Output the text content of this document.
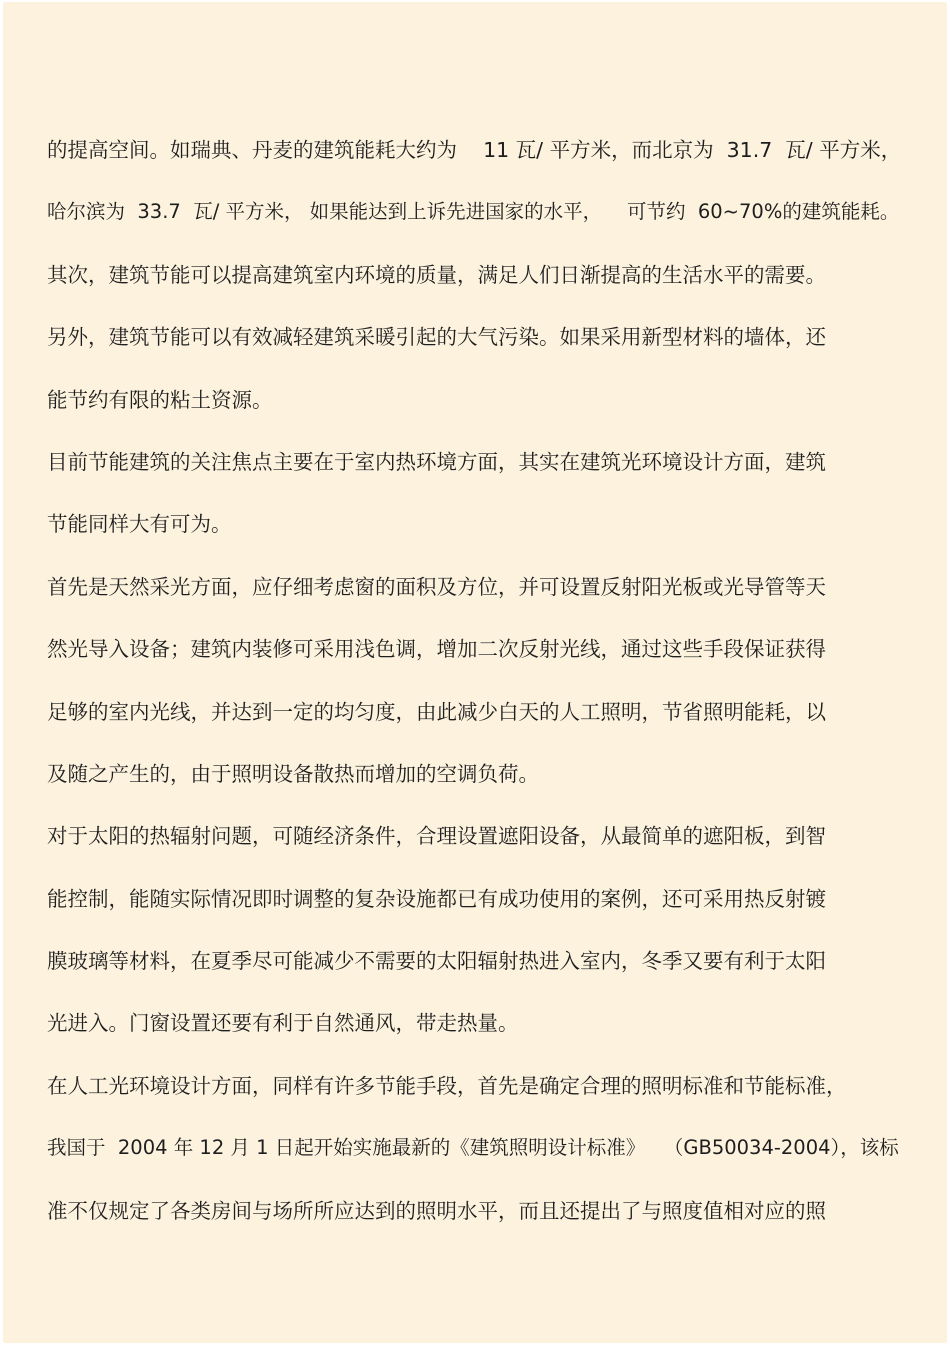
的提高空间。如瑞典、丹麦的建筑能耗大约为    11 瓦/ 平方米，而北京为  31.7  瓦/ 平方米，
哈尔滨为  33.7  瓦/ 平方米， 如果能达到上诉先进国家的水平，    可节约  60~70%的建筑能耗。
其次，建筑节能可以提高建筑室内环境的质量，满足人们日渐提高的生活水平的需要。
另外，建筑节能可以有效减轻建筑采暖引起的大气污染。如果采用新型材料的墙体，还
能节约有限的粘土资源。
目前节能建筑的关注焦点主要在于室内热环境方面，其实在建筑光环境设计方面，建筑
节能同样大有可为。
首先是天然采光方面，应仔细考虑窗的面积及方位，并可设置反射阳光板或光导管等天
然光导入设备；建筑内装修可采用浅色调，增加二次反射光线，通过这些手段保证获得
足够的室内光线，并达到一定的均匀度，由此减少白天的人工照明，节省照明能耗，以
及随之产生的，由于照明设备散热而增加的空调负荷。
对于太阳的热辐射问题，可随经济条件，合理设置遮阳设备，从最简单的遮阳板，到智
能控制，能随实际情况即时调整的复杂设施都已有成功使用的案例，还可采用热反射镀
膜玻璃等材料，在夏季尽可能减少不需要的太阳辐射热进入室内，冬季又要有利于太阳
光进入。门窗设置还要有利于自然通风，带走热量。
在人工光环境设计方面，同样有许多节能手段，首先是确定合理的照明标准和节能标准，
我国于  2004 年 12 月 1 日起开始实施最新的《建筑照明设计标准》   （GB50034-2004），该标
准不仅规定了各类房间与场所所应达到的照明水平，而且还提出了与照度值相对应的照
